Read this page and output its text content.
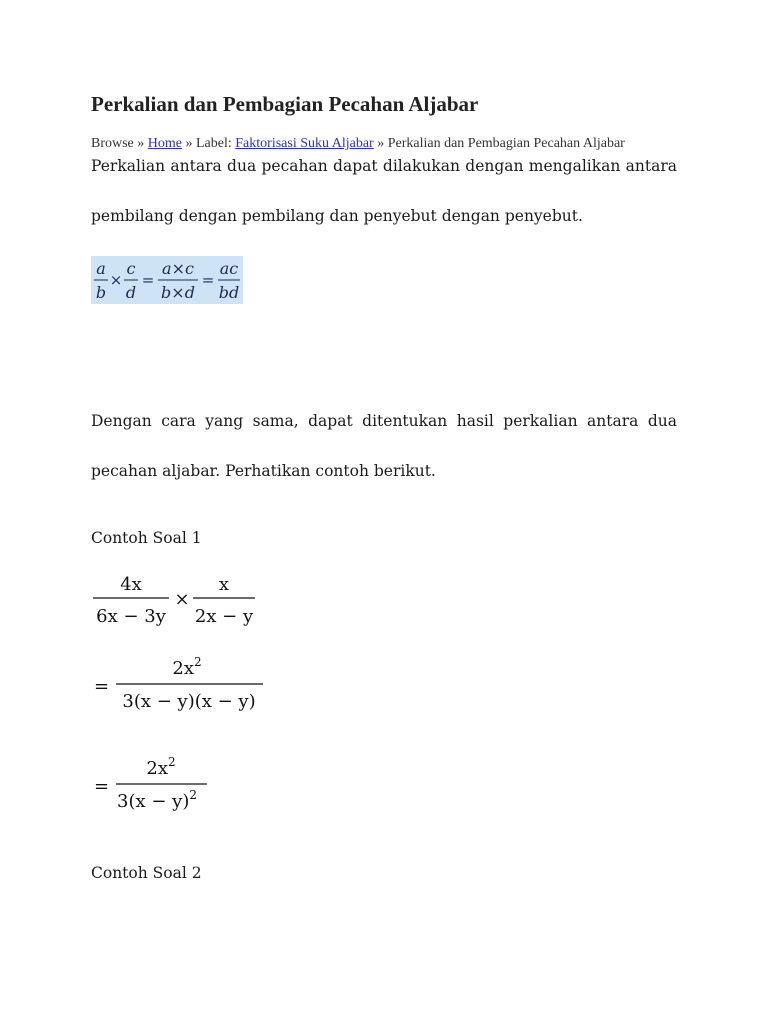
Perkalian dan Pembagian Pecahan Aljabar

Browse » Home » Label: Faktorisasi Suku Aljabar » Perkalian dan Pembagian Pecahan Aljabar

Perkalian antara dua pecahan dapat dilakukan dengan mengalikan antara pembilang dengan pembilang dan penyebut dengan penyebut.

a
b
×
c
d
=
a×c
b×d
=
ac
bd

Dengan cara yang sama, dapat ditentukan hasil perkalian antara dua pecahan aljabar. Perhatikan contoh berikut.

Contoh Soal 1

4x
6x − 3y
×
x
2x − y
=
$2x^2$
3(x − y)(x − y)
=
$2x^2$
$3(x - y)^2$

Contoh Soal 2
